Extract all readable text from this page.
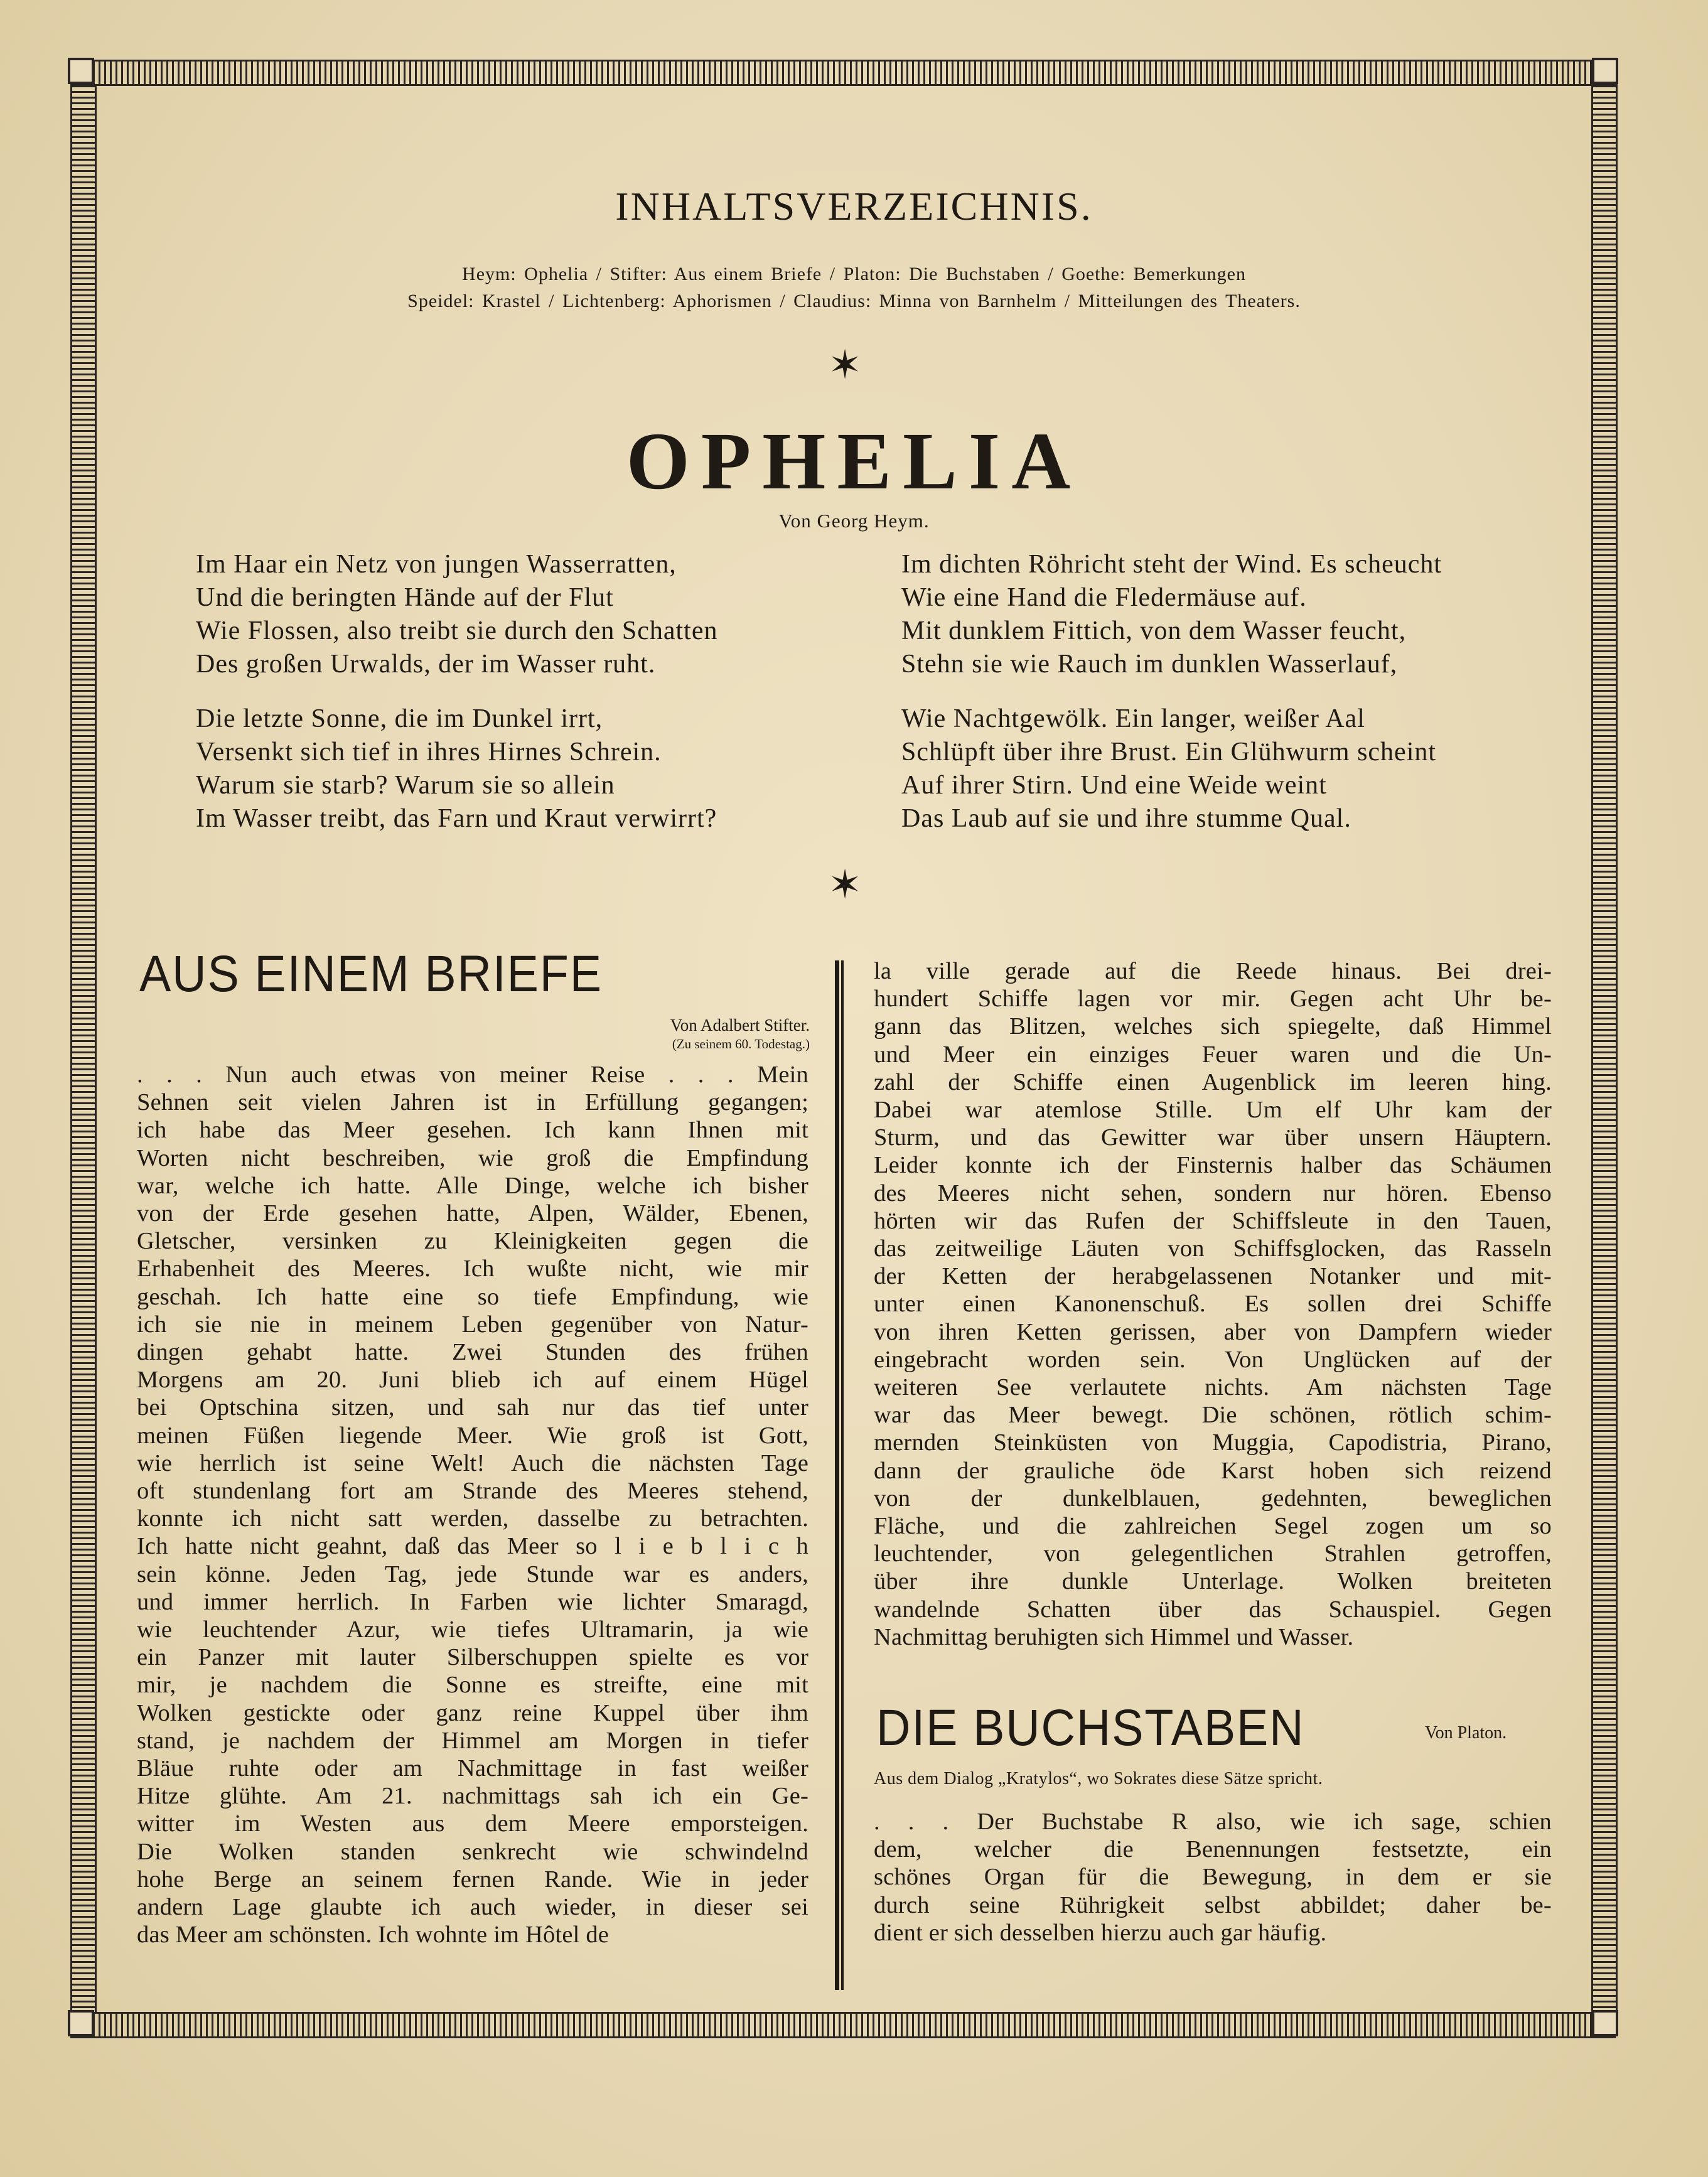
INHALTSVERZEICHNIS.
Heym: Ophelia / Stifter: Aus einem Briefe / Platon: Die Buchstaben / Goethe: Bemerkungen
Speidel: Krastel / Lichtenberg: Aphorismen / Claudius: Minna von Barnhelm / Mitteilungen des Theaters.
✶
OPHELIA
Von Georg Heym.
Im Haar ein Netz von jungen Wasserratten,
Und die beringten Hände auf der Flut
Wie Flossen, also treibt sie durch den Schatten
Des großen Urwalds, der im Wasser ruht.
Die letzte Sonne, die im Dunkel irrt,
Versenkt sich tief in ihres Hirnes Schrein.
Warum sie starb? Warum sie so allein
Im Wasser treibt, das Farn und Kraut verwirrt?
Im dichten Röhricht steht der Wind. Es scheucht
Wie eine Hand die Fledermäuse auf.
Mit dunklem Fittich, von dem Wasser feucht,
Stehn sie wie Rauch im dunklen Wasserlauf,
Wie Nachtgewölk. Ein langer, weißer Aal
Schlüpft über ihre Brust. Ein Glühwurm scheint
Auf ihrer Stirn. Und eine Weide weint
Das Laub auf sie und ihre stumme Qual.
✶
AUS EINEM BRIEFE
Von Adalbert Stifter.
(Zu seinem 60. Todestag.)
. . . Nun auch etwas von meiner Reise . . . Mein
Sehnen seit vielen Jahren ist in Erfüllung gegangen;
ich habe das Meer gesehen. Ich kann Ihnen mit
Worten nicht beschreiben, wie groß die Empfindung
war, welche ich hatte. Alle Dinge, welche ich bisher
von der Erde gesehen hatte, Alpen, Wälder, Ebenen,
Gletscher, versinken zu Kleinigkeiten gegen die
Erhabenheit des Meeres. Ich wußte nicht, wie mir
geschah. Ich hatte eine so tiefe Empfindung, wie
ich sie nie in meinem Leben gegenüber von Natur-
dingen gehabt hatte. Zwei Stunden des frühen
Morgens am 20. Juni blieb ich auf einem Hügel
bei Optschina sitzen, und sah nur das tief unter
meinen Füßen liegende Meer. Wie groß ist Gott,
wie herrlich ist seine Welt! Auch die nächsten Tage
oft stundenlang fort am Strande des Meeres stehend,
konnte ich nicht satt werden, dasselbe zu betrachten.
Ich hatte nicht geahnt, daß das Meer so l i e b l i c h
sein könne. Jeden Tag, jede Stunde war es anders,
und immer herrlich. In Farben wie lichter Smaragd,
wie leuchtender Azur, wie tiefes Ultramarin, ja wie
ein Panzer mit lauter Silberschuppen spielte es vor
mir, je nachdem die Sonne es streifte, eine mit
Wolken gestickte oder ganz reine Kuppel über ihm
stand, je nachdem der Himmel am Morgen in tiefer
Bläue ruhte oder am Nachmittage in fast weißer
Hitze glühte. Am 21. nachmittags sah ich ein Ge-
witter im Westen aus dem Meere emporsteigen.
Die Wolken standen senkrecht wie schwindelnd
hohe Berge an seinem fernen Rande. Wie in jeder
andern Lage glaubte ich auch wieder, in dieser sei
das Meer am schönsten. Ich wohnte im Hôtel de
la ville gerade auf die Reede hinaus. Bei drei-
hundert Schiffe lagen vor mir. Gegen acht Uhr be-
gann das Blitzen, welches sich spiegelte, daß Himmel
und Meer ein einziges Feuer waren und die Un-
zahl der Schiffe einen Augenblick im leeren hing.
Dabei war atemlose Stille. Um elf Uhr kam der
Sturm, und das Gewitter war über unsern Häuptern.
Leider konnte ich der Finsternis halber das Schäumen
des Meeres nicht sehen, sondern nur hören. Ebenso
hörten wir das Rufen der Schiffsleute in den Tauen,
das zeitweilige Läuten von Schiffsglocken, das Rasseln
der Ketten der herabgelassenen Notanker und mit-
unter einen Kanonenschuß. Es sollen drei Schiffe
von ihren Ketten gerissen, aber von Dampfern wieder
eingebracht worden sein. Von Unglücken auf der
weiteren See verlautete nichts. Am nächsten Tage
war das Meer bewegt. Die schönen, rötlich schim-
mernden Steinküsten von Muggia, Capodistria, Pirano,
dann der grauliche öde Karst hoben sich reizend
von der dunkelblauen, gedehnten, beweglichen
Fläche, und die zahlreichen Segel zogen um so
leuchtender, von gelegentlichen Strahlen getroffen,
über ihre dunkle Unterlage. Wolken breiteten
wandelnde Schatten über das Schauspiel. Gegen
Nachmittag beruhigten sich Himmel und Wasser.
DIE BUCHSTABEN	Von Platon.
Aus dem Dialog „Kratylos“, wo Sokrates diese Sätze spricht.
. . . Der Buchstabe R also, wie ich sage, schien
dem, welcher die Benennungen festsetzte, ein
schönes Organ für die Bewegung, in dem er sie
durch seine Rührigkeit selbst abbildet; daher be-
dient er sich desselben hierzu auch gar häufig.
